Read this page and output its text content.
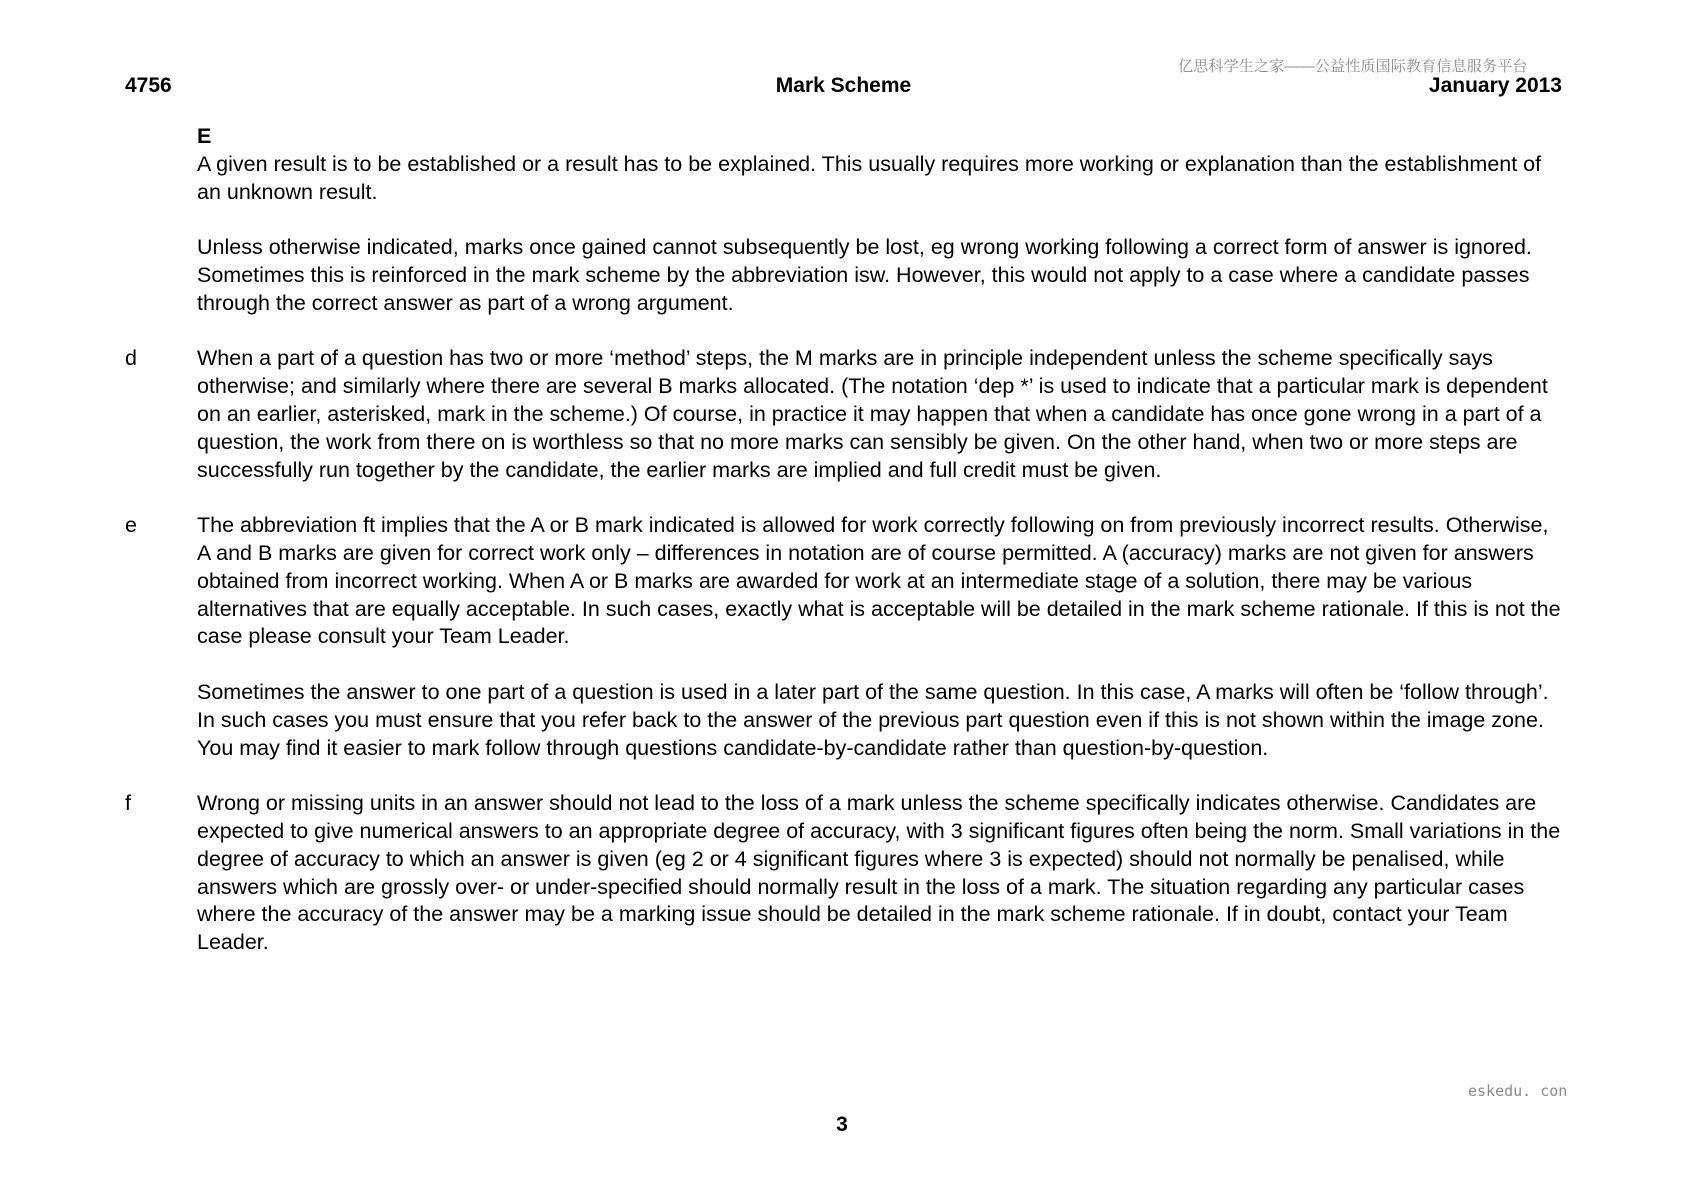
亿思科学生之家——公益性质国际教育信息服务平台
4756	Mark Scheme	January 2013
E

A given result is to be established or a result has to be explained. This usually requires more working or explanation than the establishment of an unknown result.

Unless otherwise indicated, marks once gained cannot subsequently be lost, eg wrong working following a correct form of answer is ignored. Sometimes this is reinforced in the mark scheme by the abbreviation isw. However, this would not apply to a case where a candidate passes through the correct answer as part of a wrong argument.

d	When a part of a question has two or more ‘method’ steps, the M marks are in principle independent unless the scheme specifically says otherwise; and similarly where there are several B marks allocated. (The notation ‘dep *’ is used to indicate that a particular mark is dependent on an earlier, asterisked, mark in the scheme.) Of course, in practice it may happen that when a candidate has once gone wrong in a part of a question, the work from there on is worthless so that no more marks can sensibly be given. On the other hand, when two or more steps are successfully run together by the candidate, the earlier marks are implied and full credit must be given.

e	The abbreviation ft implies that the A or B mark indicated is allowed for work correctly following on from previously incorrect results. Otherwise, A and B marks are given for correct work only – differences in notation are of course permitted. A (accuracy) marks are not given for answers obtained from incorrect working. When A or B marks are awarded for work at an intermediate stage of a solution, there may be various alternatives that are equally acceptable. In such cases, exactly what is acceptable will be detailed in the mark scheme rationale. If this is not the case please consult your Team Leader.

Sometimes the answer to one part of a question is used in a later part of the same question. In this case, A marks will often be ‘follow through’. In such cases you must ensure that you refer back to the answer of the previous part question even if this is not shown within the image zone. You may find it easier to mark follow through questions candidate-by-candidate rather than question-by-question.

f	Wrong or missing units in an answer should not lead to the loss of a mark unless the scheme specifically indicates otherwise. Candidates are expected to give numerical answers to an appropriate degree of accuracy, with 3 significant figures often being the norm. Small variations in the degree of accuracy to which an answer is given (eg 2 or 4 significant figures where 3 is expected) should not normally be penalised, while answers which are grossly over- or under-specified should normally result in the loss of a mark. The situation regarding any particular cases where the accuracy of the answer may be a marking issue should be detailed in the mark scheme rationale. If in doubt, contact your Team Leader.

eskedu. con
3
